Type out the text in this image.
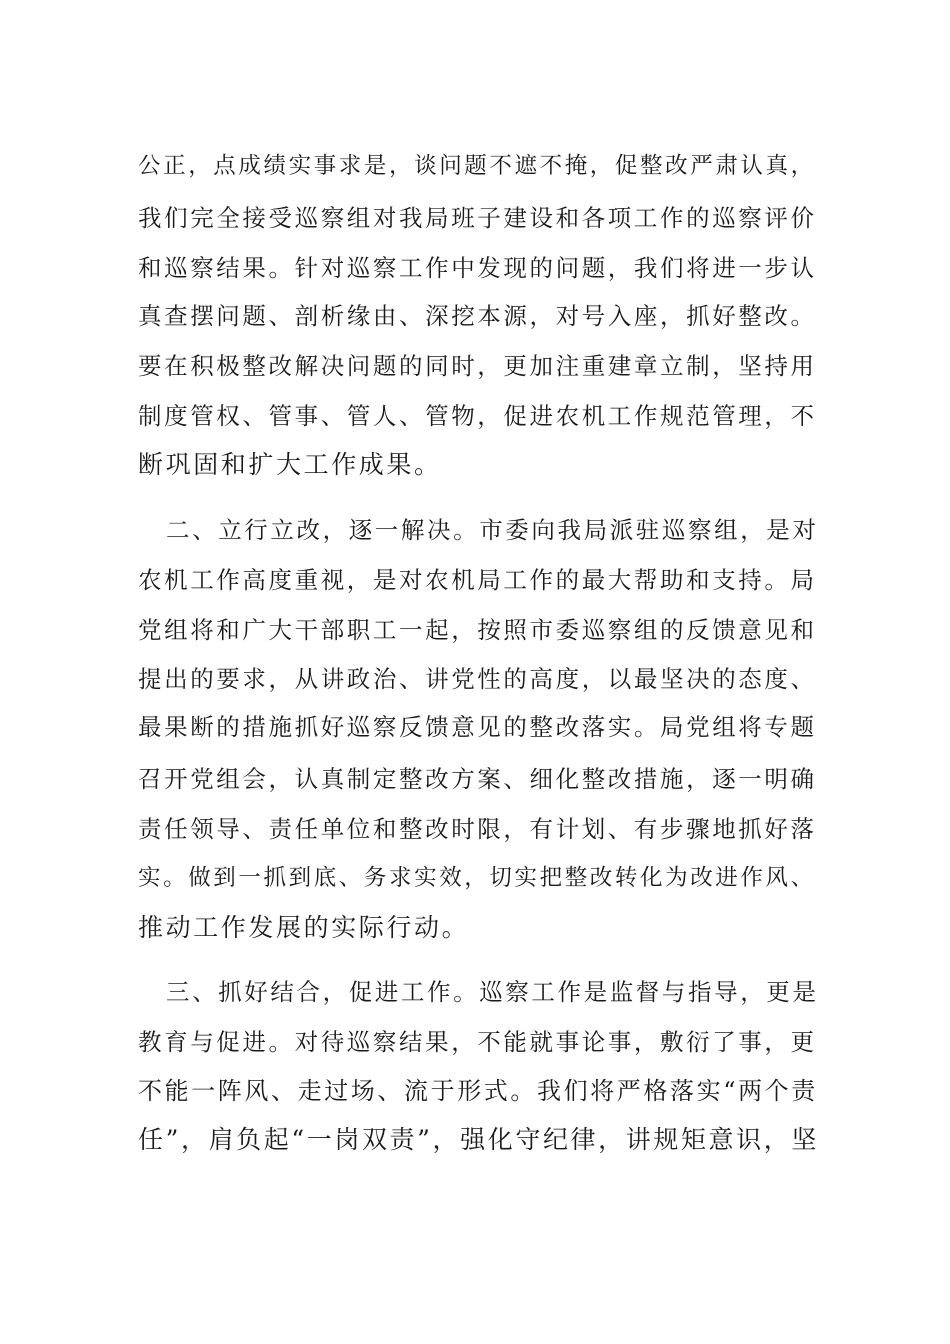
公正，点成绩实事求是，谈问题不遮不掩，促整改严肃认真，

我们完全接受巡察组对我局班子建设和各项工作的巡察评价

和巡察结果。针对巡察工作中发现的问题，我们将进一步认

真查摆问题、剖析缘由、深挖本源，对号入座，抓好整改。

要在积极整改解决问题的同时，更加注重建章立制，坚持用

制度管权、管事、管人、管物，促进农机工作规范管理，不

断巩固和扩大工作成果。

二、立行立改，逐一解决。市委向我局派驻巡察组，是对

农机工作高度重视，是对农机局工作的最大帮助和支持。局

党组将和广大干部职工一起，按照市委巡察组的反馈意见和

提出的要求，从讲政治、讲党性的高度，以最坚决的态度、

最果断的措施抓好巡察反馈意见的整改落实。局党组将专题

召开党组会，认真制定整改方案、细化整改措施，逐一明确

责任领导、责任单位和整改时限，有计划、有步骤地抓好落

实。做到一抓到底、务求实效，切实把整改转化为改进作风、

推动工作发展的实际行动。

三、抓好结合，促进工作。巡察工作是监督与指导，更是

教育与促进。对待巡察结果，不能就事论事，敷衍了事，更

不能一阵风、走过场、流于形式。我们将严格落实“两个责

任”，肩负起“一岗双责”，强化守纪律，讲规矩意识，坚
